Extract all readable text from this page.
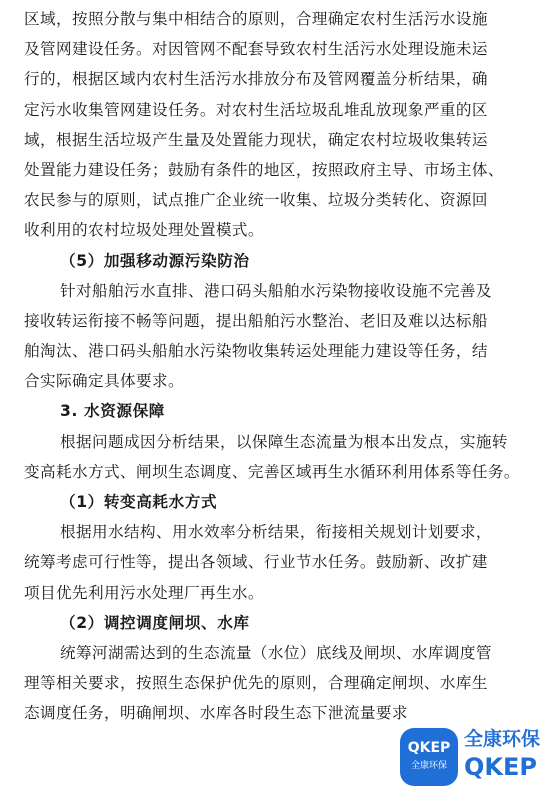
区域，按照分散与集中相结合的原则，合理确定农村生活污水设施
及管网建设任务。对因管网不配套导致农村生活污水处理设施未运
行的，根据区域内农村生活污水排放分布及管网覆盖分析结果，确
定污水收集管网建设任务。对农村生活垃圾乱堆乱放现象严重的区
域，根据生活垃圾产生量及处置能力现状，确定农村垃圾收集转运
处置能力建设任务；鼓励有条件的地区，按照政府主导、市场主体、
农民参与的原则，试点推广企业统一收集、垃圾分类转化、资源回
收利用的农村垃圾处理处置模式。
（5）加强移动源污染防治
针对船舶污水直排、港口码头船舶水污染物接收设施不完善及
接收转运衔接不畅等问题，提出船舶污水整治、老旧及难以达标船
舶淘汰、港口码头船舶水污染物收集转运处理能力建设等任务，结
合实际确定具体要求。
3. 水资源保障
根据问题成因分析结果，以保障生态流量为根本出发点，实施转
变高耗水方式、闸坝生态调度、完善区域再生水循环利用体系等任务。
（1）转变高耗水方式
根据用水结构、用水效率分析结果，衔接相关规划计划要求，
统筹考虑可行性等，提出各领域、行业节水任务。鼓励新、改扩建
项目优先利用污水处理厂再生水。
（2）调控调度闸坝、水库
统筹河湖需达到的生态流量（水位）底线及闸坝、水库调度管
理等相关要求，按照生态保护优先的原则，合理确定闸坝、水库生
态调度任务，明确闸坝、水库各时段生态下泄流量要求
QKEP
全康环保
全康环保
QKEP
